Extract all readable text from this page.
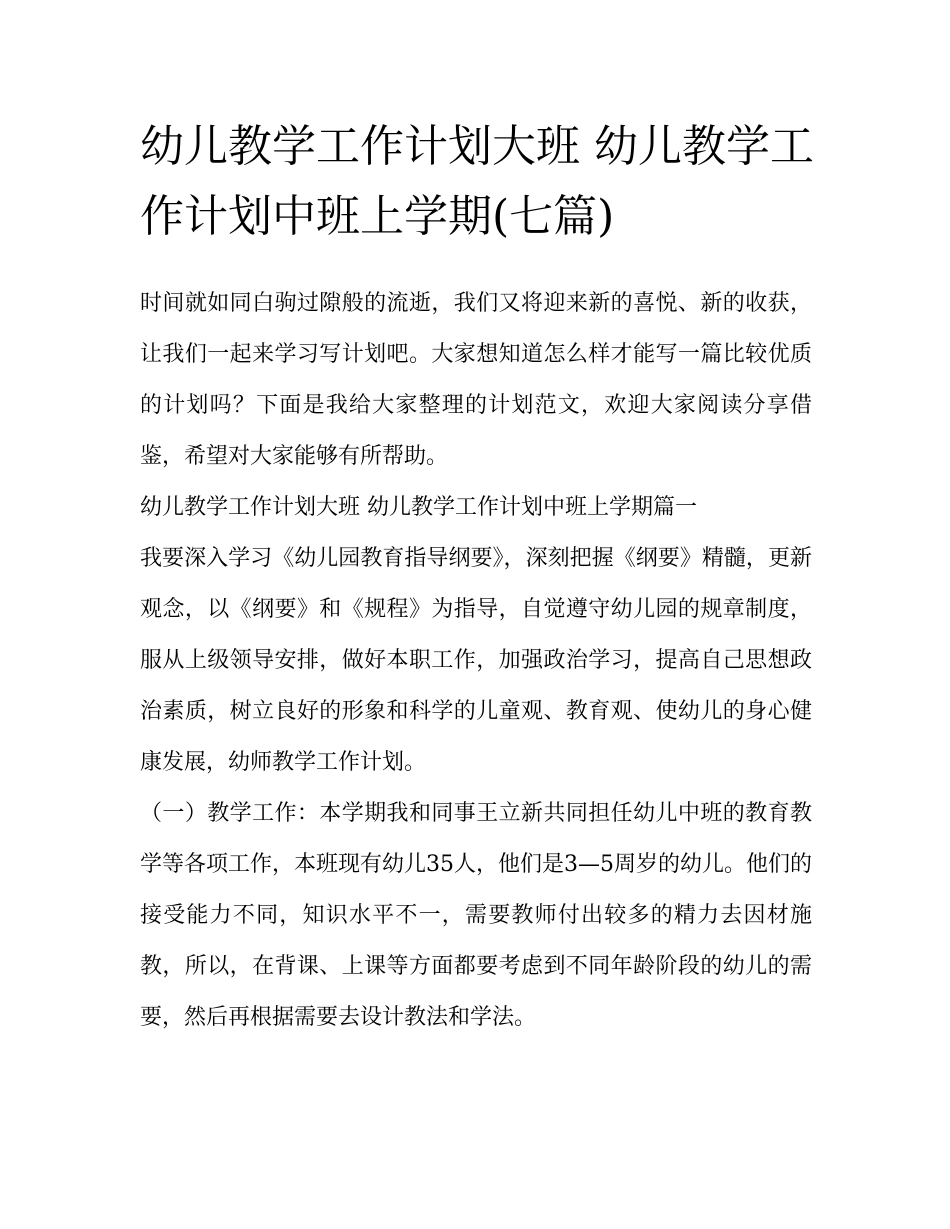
幼儿教学工作计划大班 幼儿教学工作计划中班上学期(七篇)

时间就如同白驹过隙般的流逝，我们又将迎来新的喜悦、新的收获，让我们一起来学习写计划吧。大家想知道怎么样才能写一篇比较优质的计划吗？下面是我给大家整理的计划范文，欢迎大家阅读分享借鉴，希望对大家能够有所帮助。

幼儿教学工作计划大班 幼儿教学工作计划中班上学期篇一

我要深入学习《幼儿园教育指导纲要》，深刻把握《纲要》精髓，更新观念，以《纲要》和《规程》为指导，自觉遵守幼儿园的规章制度，服从上级领导安排，做好本职工作，加强政治学习，提高自己思想政治素质，树立良好的形象和科学的儿童观、教育观、使幼儿的身心健康发展，幼师教学工作计划。

（一）教学工作：本学期我和同事王立新共同担任幼儿中班的教育教学等各项工作，本班现有幼儿35人，他们是3—5周岁的幼儿。他们的接受能力不同，知识水平不一，需要教师付出较多的精力去因材施教，所以，在背课、上课等方面都要考虑到不同年龄阶段的幼儿的需要，然后再根据需要去设计教法和学法。
